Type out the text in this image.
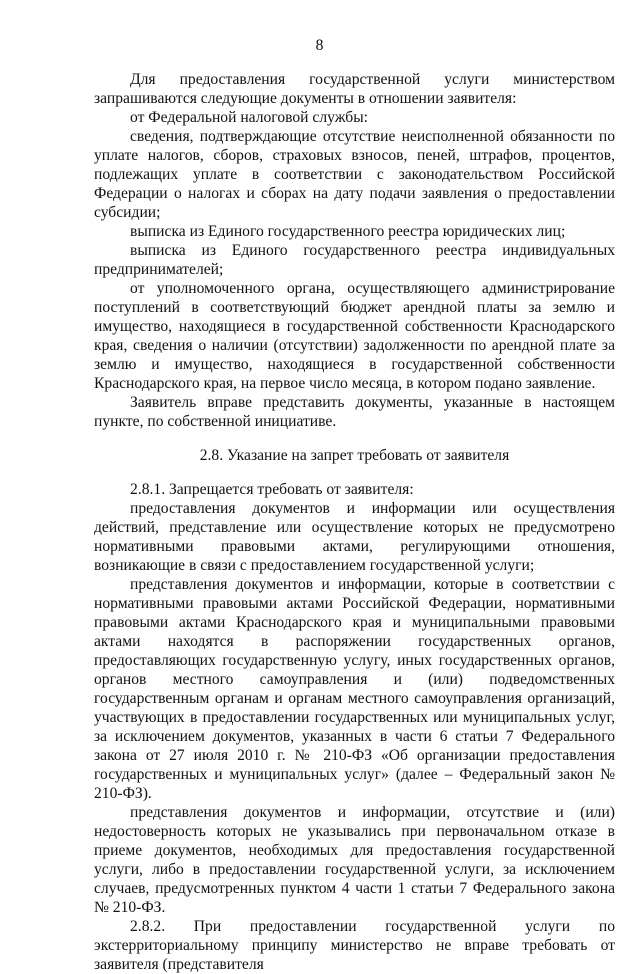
8

Для предоставления государственной услуги министерством запрашиваются следующие документы в отношении заявителя:

от Федеральной налоговой службы:

сведения, подтверждающие отсутствие неисполненной обязанности по уплате налогов, сборов, страховых взносов, пеней, штрафов, процентов, подлежащих уплате в соответствии с законодательством Российской Федерации о налогах и сборах на дату подачи заявления о предоставлении субсидии;

выписка из Единого государственного реестра юридических лиц;

выписка из Единого государственного реестра индивидуальных предпринимателей;

от уполномоченного органа, осуществляющего администрирование поступлений в соответствующий бюджет арендной платы за землю и имущество, находящиеся в государственной собственности Краснодарского края, сведения о наличии (отсутствии) задолженности по арендной плате за землю и имущество, находящиеся в государственной собственности Краснодарского края, на первое число месяца, в котором подано заявление.

Заявитель вправе представить документы, указанные в настоящем пункте, по собственной инициативе.

2.8. Указание на запрет требовать от заявителя

2.8.1. Запрещается требовать от заявителя:

предоставления документов и информации или осуществления действий, представление или осуществление которых не предусмотрено нормативными правовыми актами, регулирующими отношения, возникающие в связи с предоставлением государственной услуги;

представления документов и информации, которые в соответствии с нормативными правовыми актами Российской Федерации, нормативными правовыми актами Краснодарского края и муниципальными правовыми актами находятся в распоряжении государственных органов, предоставляющих государственную услугу, иных государственных органов, органов местного самоуправления и (или) подведомственных государственным органам и органам местного самоуправления организаций, участвующих в предоставлении государственных или муниципальных услуг, за исключением документов, указанных в части 6 статьи 7 Федерального закона от 27 июля 2010 г. № 210-ФЗ «Об организации предоставления государственных и муниципальных услуг» (далее – Федеральный закон № 210-ФЗ).

представления документов и информации, отсутствие и (или) недостоверность которых не указывались при первоначальном отказе в приеме документов, необходимых для предоставления государственной услуги, либо в предоставлении государственной услуги, за исключением случаев, предусмотренных пунктом 4 части 1 статьи 7 Федерального закона № 210-ФЗ.

2.8.2. При предоставлении государственной услуги по экстерриториальному принципу министерство не вправе требовать от заявителя (представителя
